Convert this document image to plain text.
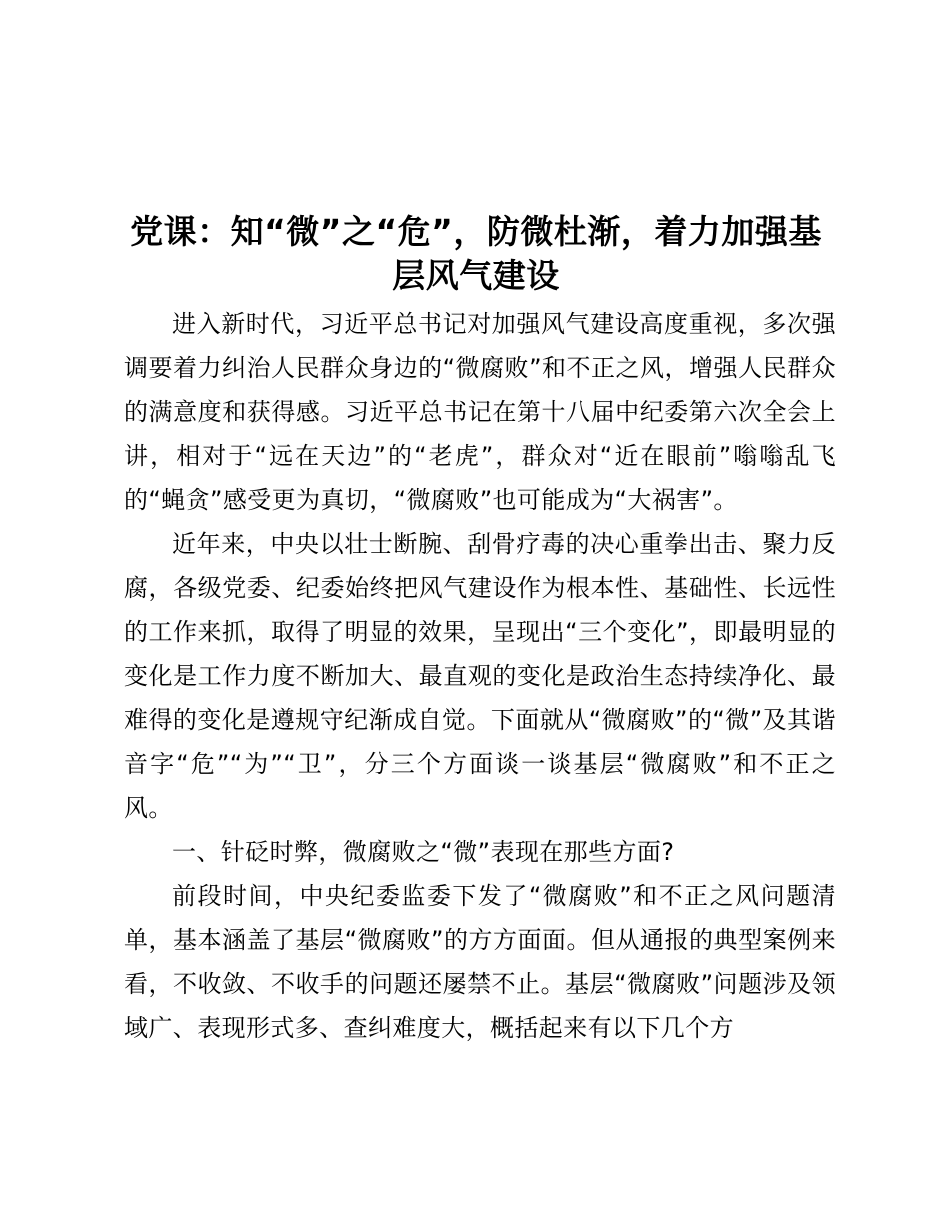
党课：知“微”之“危”，防微杜渐，着力加强基层风气建设

进入新时代，习近平总书记对加强风气建设高度重视，多次强调要着力纠治人民群众身边的“微腐败”和不正之风，增强人民群众的满意度和获得感。习近平总书记在第十八届中纪委第六次全会上讲，相对于“远在天边”的“老虎”，群众对“近在眼前”嗡嗡乱飞的“蝇贪”感受更为真切，“微腐败”也可能成为“大祸害”。

近年来，中央以壮士断腕、刮骨疗毒的决心重拳出击、聚力反腐，各级党委、纪委始终把风气建设作为根本性、基础性、长远性的工作来抓，取得了明显的效果，呈现出“三个变化”，即最明显的变化是工作力度不断加大、最直观的变化是政治生态持续净化、最难得的变化是遵规守纪渐成自觉。下面就从“微腐败”的“微”及其谐音字“危”“为”“卫”，分三个方面谈一谈基层“微腐败”和不正之风。

一、针砭时弊，微腐败之“微”表现在那些方面?

前段时间，中央纪委监委下发了“微腐败”和不正之风问题清单，基本涵盖了基层“微腐败”的方方面面。但从通报的典型案例来看，不收敛、不收手的问题还屡禁不止。基层“微腐败”问题涉及领域广、表现形式多、查纠难度大，概括起来有以下几个方
